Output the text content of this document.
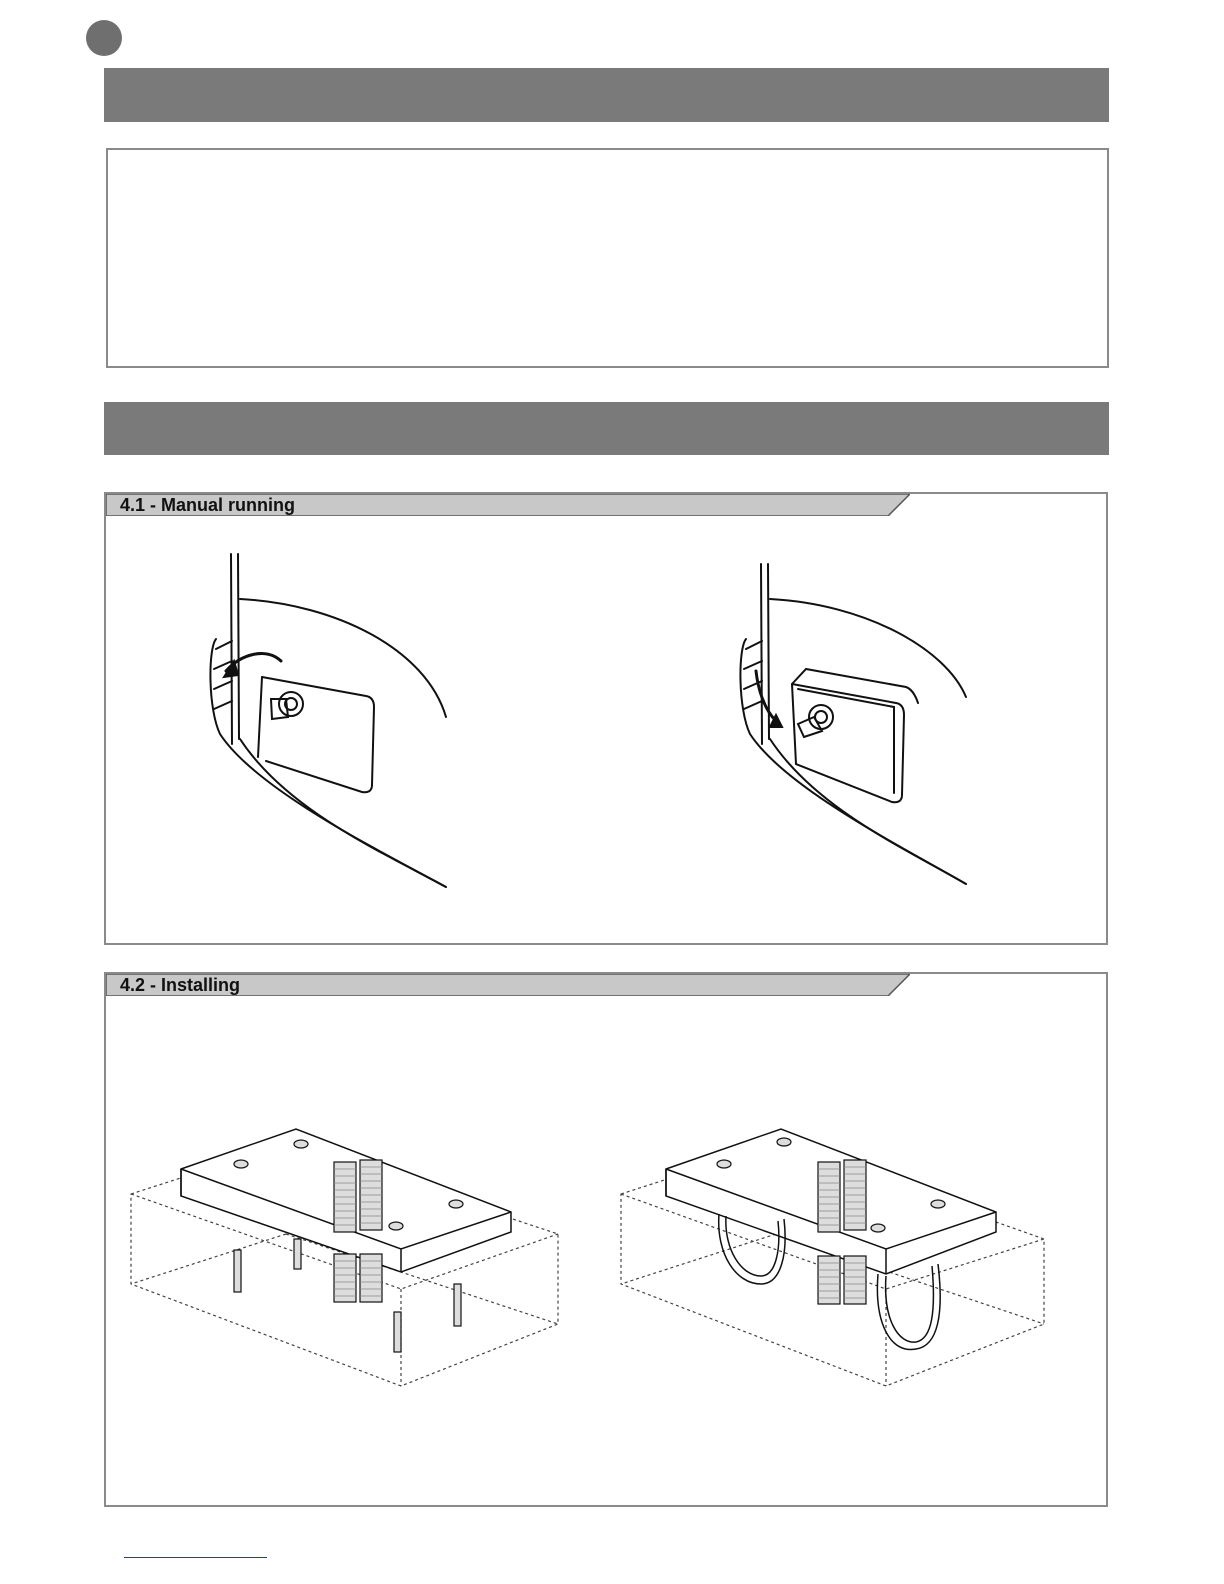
4.1 - Manual running
4.2 - Installing
